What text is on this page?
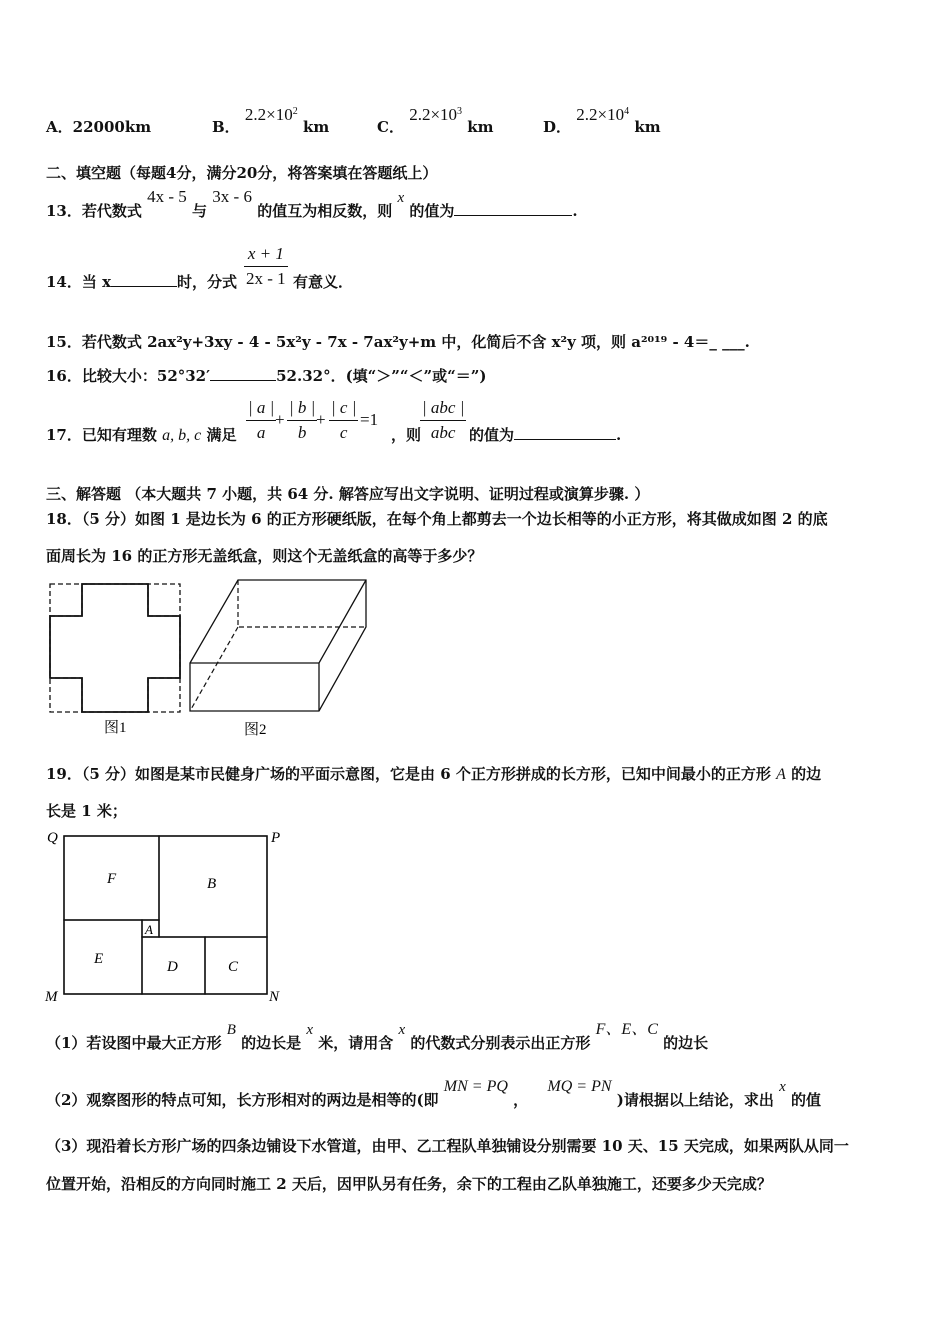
A．22000km	B． $2.2\times 10^2$ km	C． $2.2\times 10^3$ km	D． $2.2\times 10^4$ km
二、填空题（每题4分，满分20分，将答案填在答题纸上）
13．若代数式 4x - 5 与 3x - 6 的值互为相反数，则 x 的值为	.
14．当 x	时，分式
x + 1
2x - 1 有意义．
15．若代数式 2ax²y+3xy - 4 - 5x²y - 7x - 7ax²y+m 中，化简后不含 x²y 项，则 a²⁰¹⁹ - 4＝_ ___.
16．比较大小：52°32′	52.32°．(填“＞”“＜”或“＝”)
17．已知有理数 a, b, c 满足
| a |
a
+
| b |
b
+
| c |
c
=1
，则
| abc |
abc 的值为	.
三、解答题 （本大题共 7 小题，共 64 分. 解答应写出文字说明、证明过程或演算步骤. ）
18．（5 分）如图 1 是边长为 6 的正方形硬纸版，在每个角上都剪去一个边长相等的小正方形，将其做成如图 2 的底
面周长为 16 的正方形无盖纸盒，则这个无盖纸盒的高等于多少？
图1	图2
19．（5 分）如图是某市民健身广场的平面示意图，它是由 6 个正方形拼成的长方形，已知中间最小的正方形 A 的边
长是 1 米；
Q	P
M	N
F	B
A
E	D	C
（1）若设图中最大正方形 B 的边长是 x 米，请用含 x 的代数式分别表示出正方形 F、E、C 的边长
（2）观察图形的特点可知，长方形相对的两边是相等的(即 MN = PQ ， MQ = PN )请根据以上结论，求出 x 的值
（3）现沿着长方形广场的四条边铺设下水管道，由甲、乙工程队单独铺设分别需要 10 天、15 天完成，如果两队从同一
位置开始，沿相反的方向同时施工 2 天后，因甲队另有任务，余下的工程由乙队单独施工，还要多少天完成？
